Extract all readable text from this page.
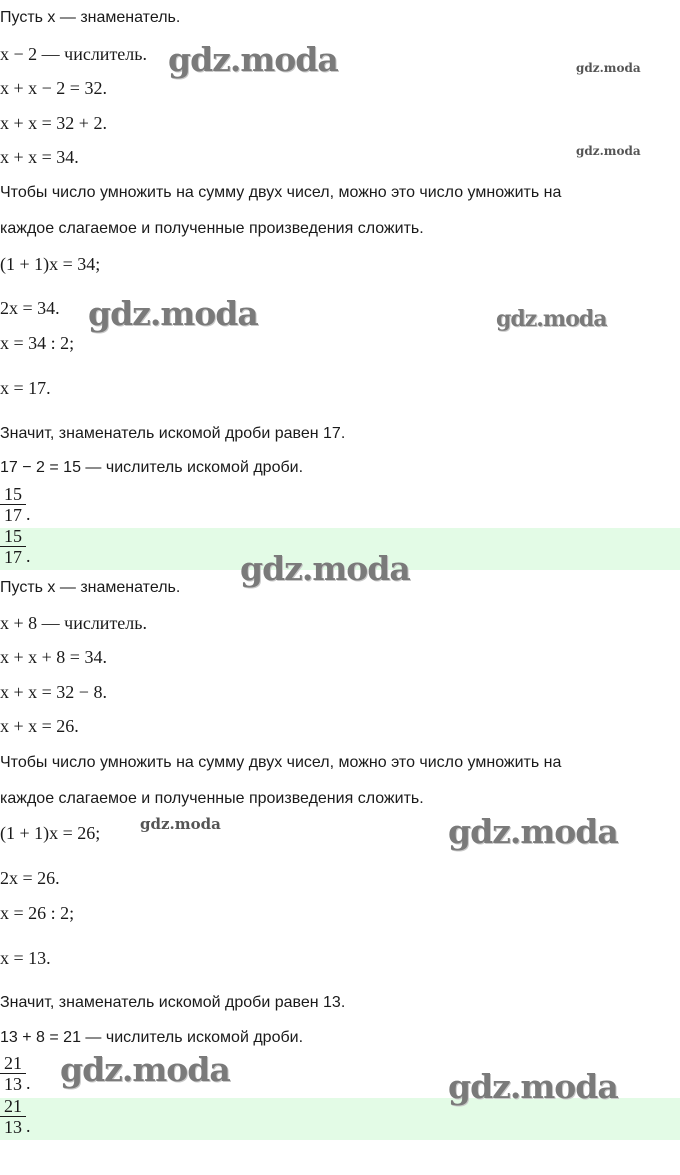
Пусть x — знаменатель.
x − 2 — числитель.
x + x − 2 = 32.
x + x = 32 + 2.
x + x = 34.
Чтобы число умножить на сумму двух чисел, можно это число умножить на
каждое слагаемое и полученные произведения сложить.
(1 + 1)x = 34;
2x = 34.
x = 34 : 2;
x = 17.
Значит, знаменатель искомой дроби равен 17.
17 − 2 = 15 — числитель искомой дроби.
15
17 .
15
17 .
Пусть x — знаменатель.
x + 8 — числитель.
x + x + 8 = 34.
x + x = 32 − 8.
x + x = 26.
Чтобы число умножить на сумму двух чисел, можно это число умножить на
каждое слагаемое и полученные произведения сложить.
(1 + 1)x = 26;
2x = 26.
x = 26 : 2;
x = 13.
Значит, знаменатель искомой дроби равен 13.
13 + 8 = 21 — числитель искомой дроби.
21
13 .
21
13 .
gdz.moda	gdz.moda
gdz.moda
gdz.moda	gdz.moda
gdz.moda
gdz.moda	gdz.moda
gdz.moda	gdz.moda
